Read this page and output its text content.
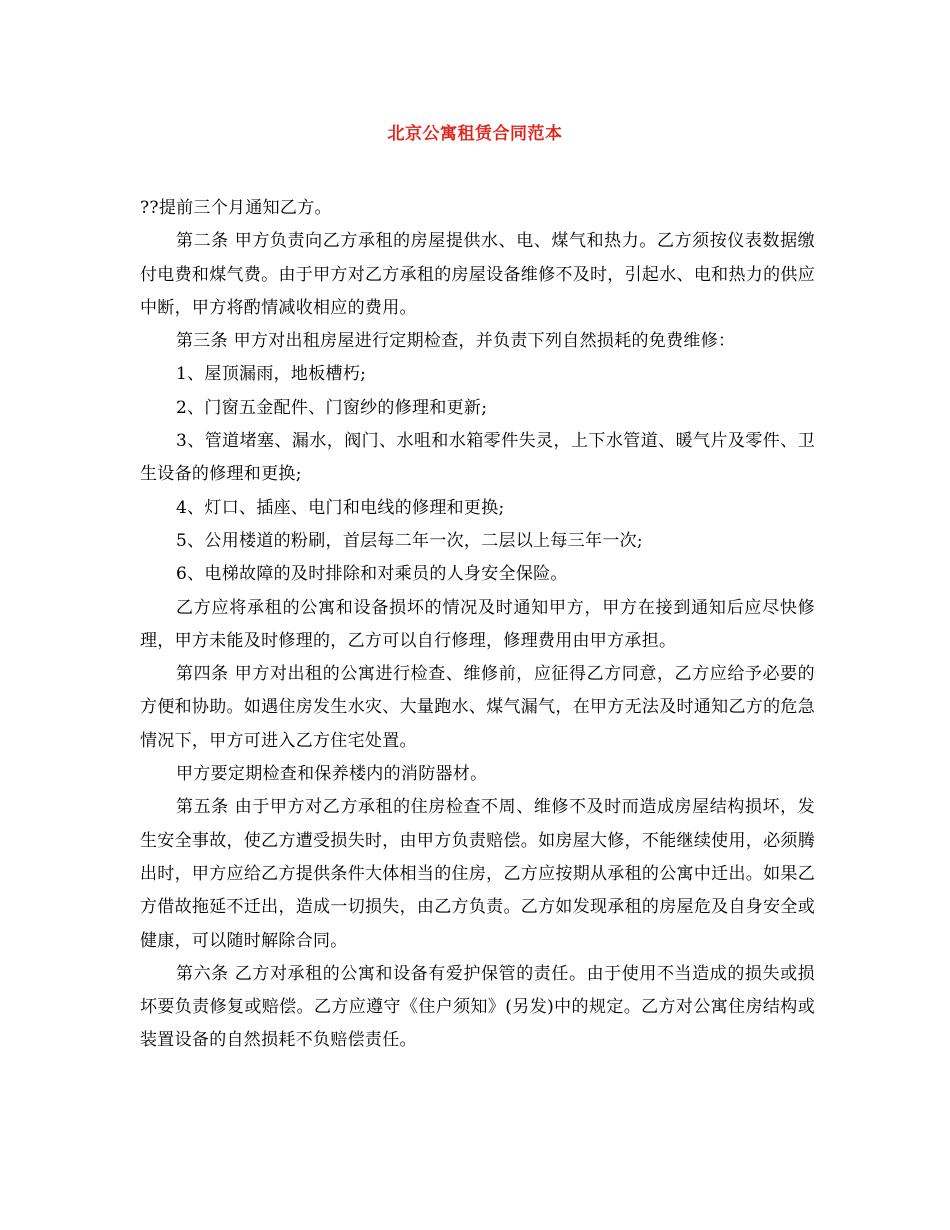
北京公寓租赁合同范本

??提前三个月通知乙方。

第二条 甲方负责向乙方承租的房屋提供水、电、煤气和热力。乙方须按仪表数据缴付电费和煤气费。由于甲方对乙方承租的房屋设备维修不及时，引起水、电和热力的供应中断，甲方将酌情减收相应的费用。

第三条 甲方对出租房屋进行定期检查，并负责下列自然损耗的免费维修：

1、屋顶漏雨，地板槽朽;

2、门窗五金配件、门窗纱的修理和更新;

3、管道堵塞、漏水，阀门、水咀和水箱零件失灵，上下水管道、暖气片及零件、卫生设备的修理和更换;

4、灯口、插座、电门和电线的修理和更换;

5、公用楼道的粉刷，首层每二年一次，二层以上每三年一次;

6、电梯故障的及时排除和对乘员的人身安全保险。

乙方应将承租的公寓和设备损坏的情况及时通知甲方，甲方在接到通知后应尽快修理，甲方未能及时修理的，乙方可以自行修理，修理费用由甲方承担。

第四条 甲方对出租的公寓进行检查、维修前，应征得乙方同意，乙方应给予必要的方便和协助。如遇住房发生水灾、大量跑水、煤气漏气，在甲方无法及时通知乙方的危急情况下，甲方可进入乙方住宅处置。

甲方要定期检查和保养楼内的消防器材。

第五条 由于甲方对乙方承租的住房检查不周、维修不及时而造成房屋结构损坏，发生安全事故，使乙方遭受损失时，由甲方负责赔偿。如房屋大修，不能继续使用，必须腾出时，甲方应给乙方提供条件大体相当的住房，乙方应按期从承租的公寓中迁出。如果乙方借故拖延不迁出，造成一切损失，由乙方负责。乙方如发现承租的房屋危及自身安全或健康，可以随时解除合同。

第六条 乙方对承租的公寓和设备有爱护保管的责任。由于使用不当造成的损失或损坏要负责修复或赔偿。乙方应遵守《住户须知》(另发)中的规定。乙方对公寓住房结构或装置设备的自然损耗不负赔偿责任。
